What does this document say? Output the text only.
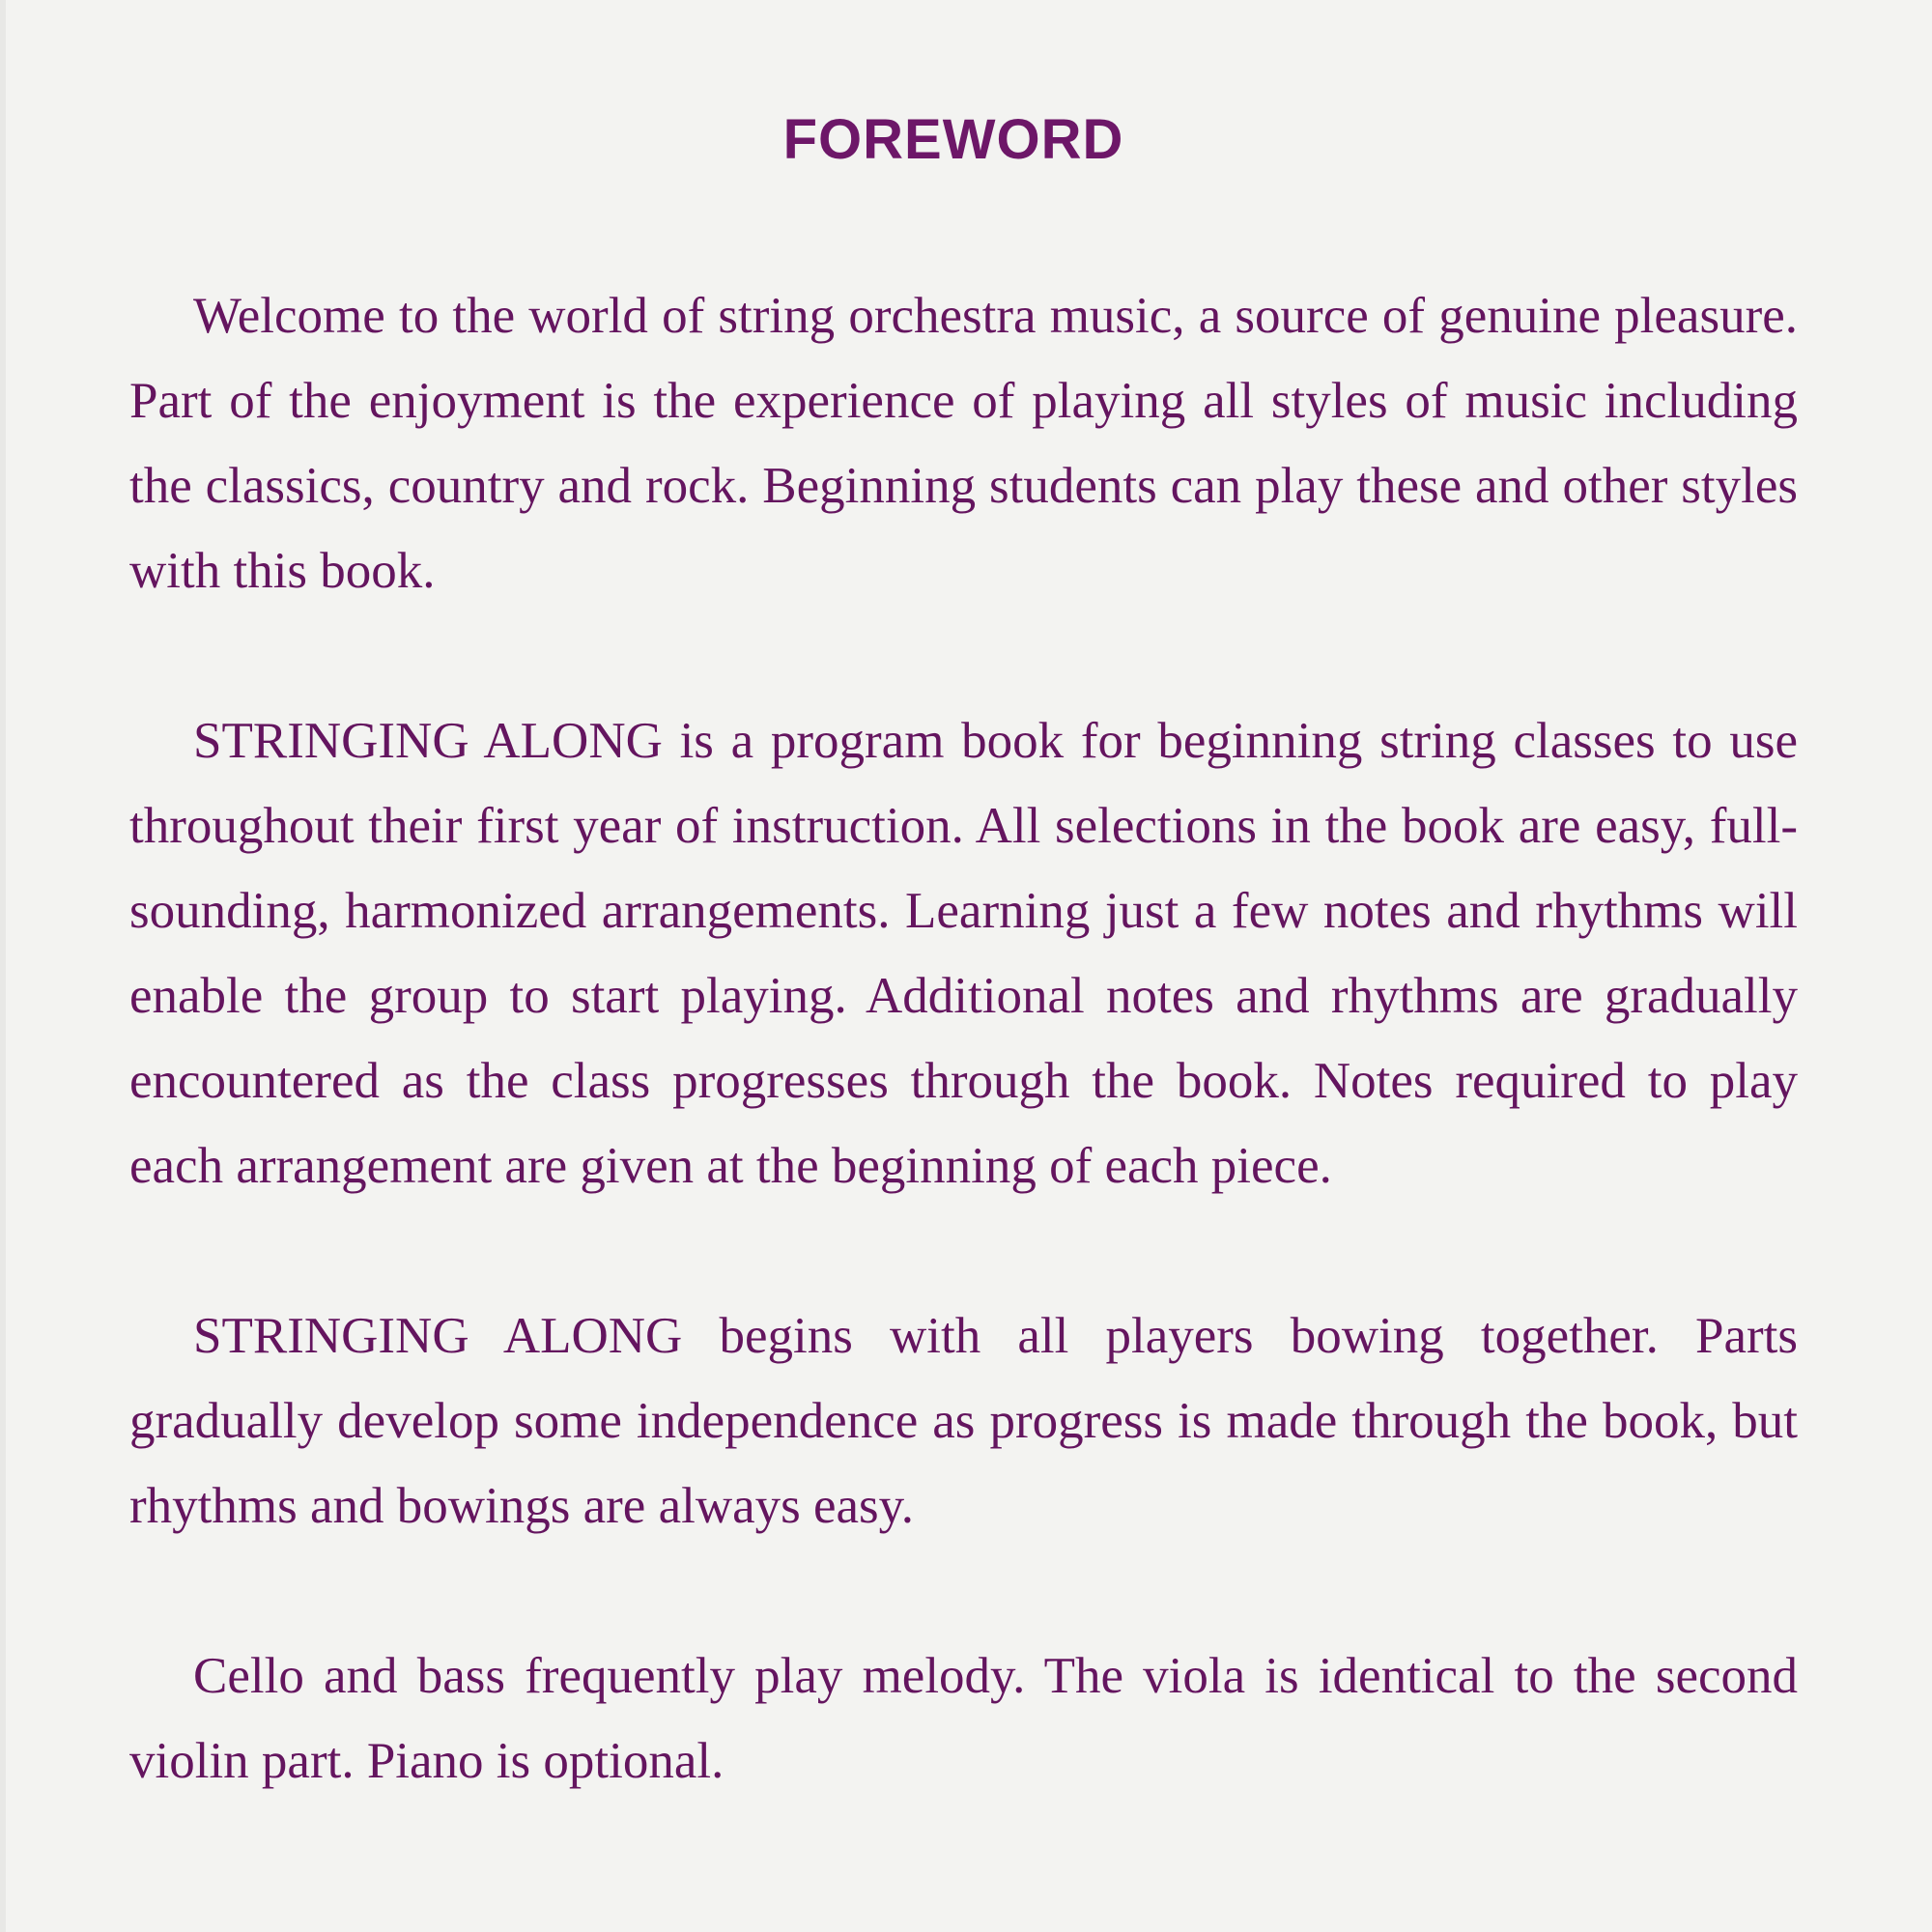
FOREWORD

Welcome to the world of string orchestra music, a source of genuine pleasure. Part of the enjoyment is the experience of playing all styles of music including the classics, country and rock. Beginning students can play these and other styles with this book.

STRINGING ALONG is a program book for beginning string classes to use throughout their first year of instruction. All selections in the book are easy, full-sounding, harmonized arrangements. Learning just a few notes and rhythms will enable the group to start playing. Additional notes and rhythms are gradually encountered as the class progresses through the book. Notes required to play each arrangement are given at the beginning of each piece.

STRINGING ALONG begins with all players bowing together. Parts gradually develop some independence as progress is made through the book, but rhythms and bowings are always easy.

Cello and bass frequently play melody. The viola is identical to the second violin part. Piano is optional.
